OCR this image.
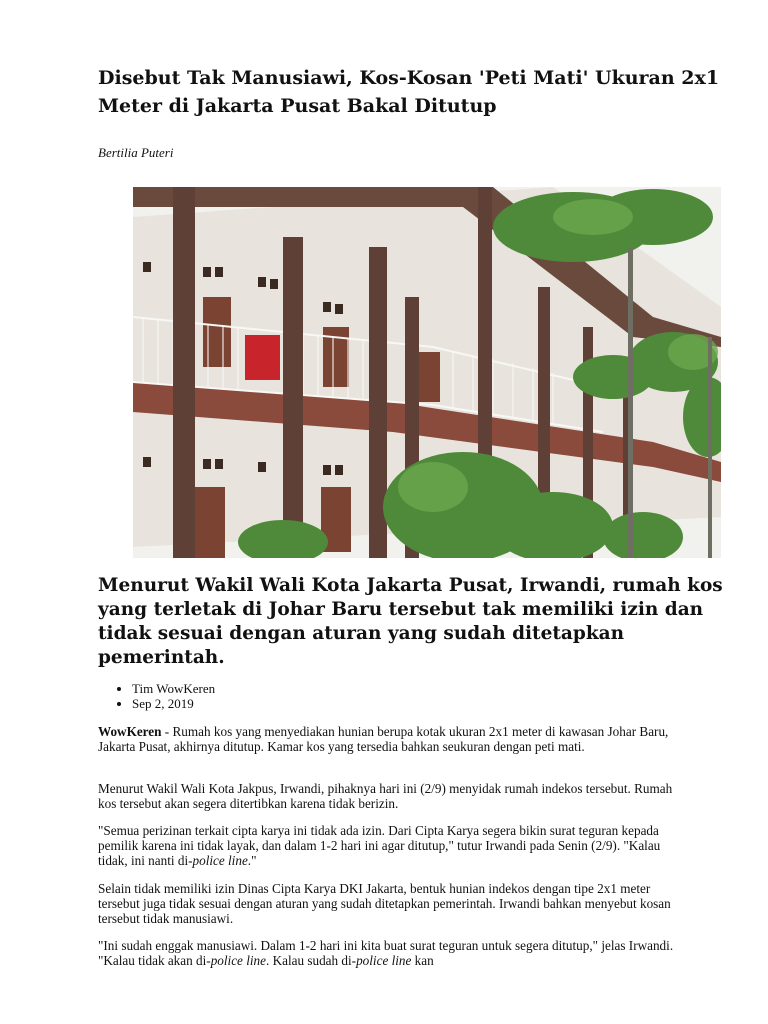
Disebut Tak Manusiawi, Kos-Kosan 'Peti Mati' Ukuran 2x1 Meter di Jakarta Pusat Bakal Ditutup

Bertilia Puteri

Menurut Wakil Wali Kota Jakarta Pusat, Irwandi, rumah kos yang terletak di Johar Baru tersebut tak memiliki izin dan tidak sesuai dengan aturan yang sudah ditetapkan pemerintah.
• Tim WowKeren
• Sep 2, 2019

WowKeren - Rumah kos yang menyediakan hunian berupa kotak ukuran 2x1 meter di kawasan Johar Baru, Jakarta Pusat, akhirnya ditutup. Kamar kos yang tersedia bahkan seukuran dengan peti mati.

Menurut Wakil Wali Kota Jakpus, Irwandi, pihaknya hari ini (2/9) menyidak rumah indekos tersebut. Rumah kos tersebut akan segera ditertibkan karena tidak berizin.

"Semua perizinan terkait cipta karya ini tidak ada izin. Dari Cipta Karya segera bikin surat teguran kepada pemilik karena ini tidak layak, dan dalam 1-2 hari ini agar ditutup," tutur Irwandi pada Senin (2/9). "Kalau tidak, ini nanti di-police line."

Selain tidak memiliki izin Dinas Cipta Karya DKI Jakarta, bentuk hunian indekos dengan tipe 2x1 meter tersebut juga tidak sesuai dengan aturan yang sudah ditetapkan pemerintah. Irwandi bahkan menyebut kosan tersebut tidak manusiawi.

"Ini sudah enggak manusiawi. Dalam 1-2 hari ini kita buat surat teguran untuk segera ditutup," jelas Irwandi. "Kalau tidak akan di-police line. Kalau sudah di-police line kan
